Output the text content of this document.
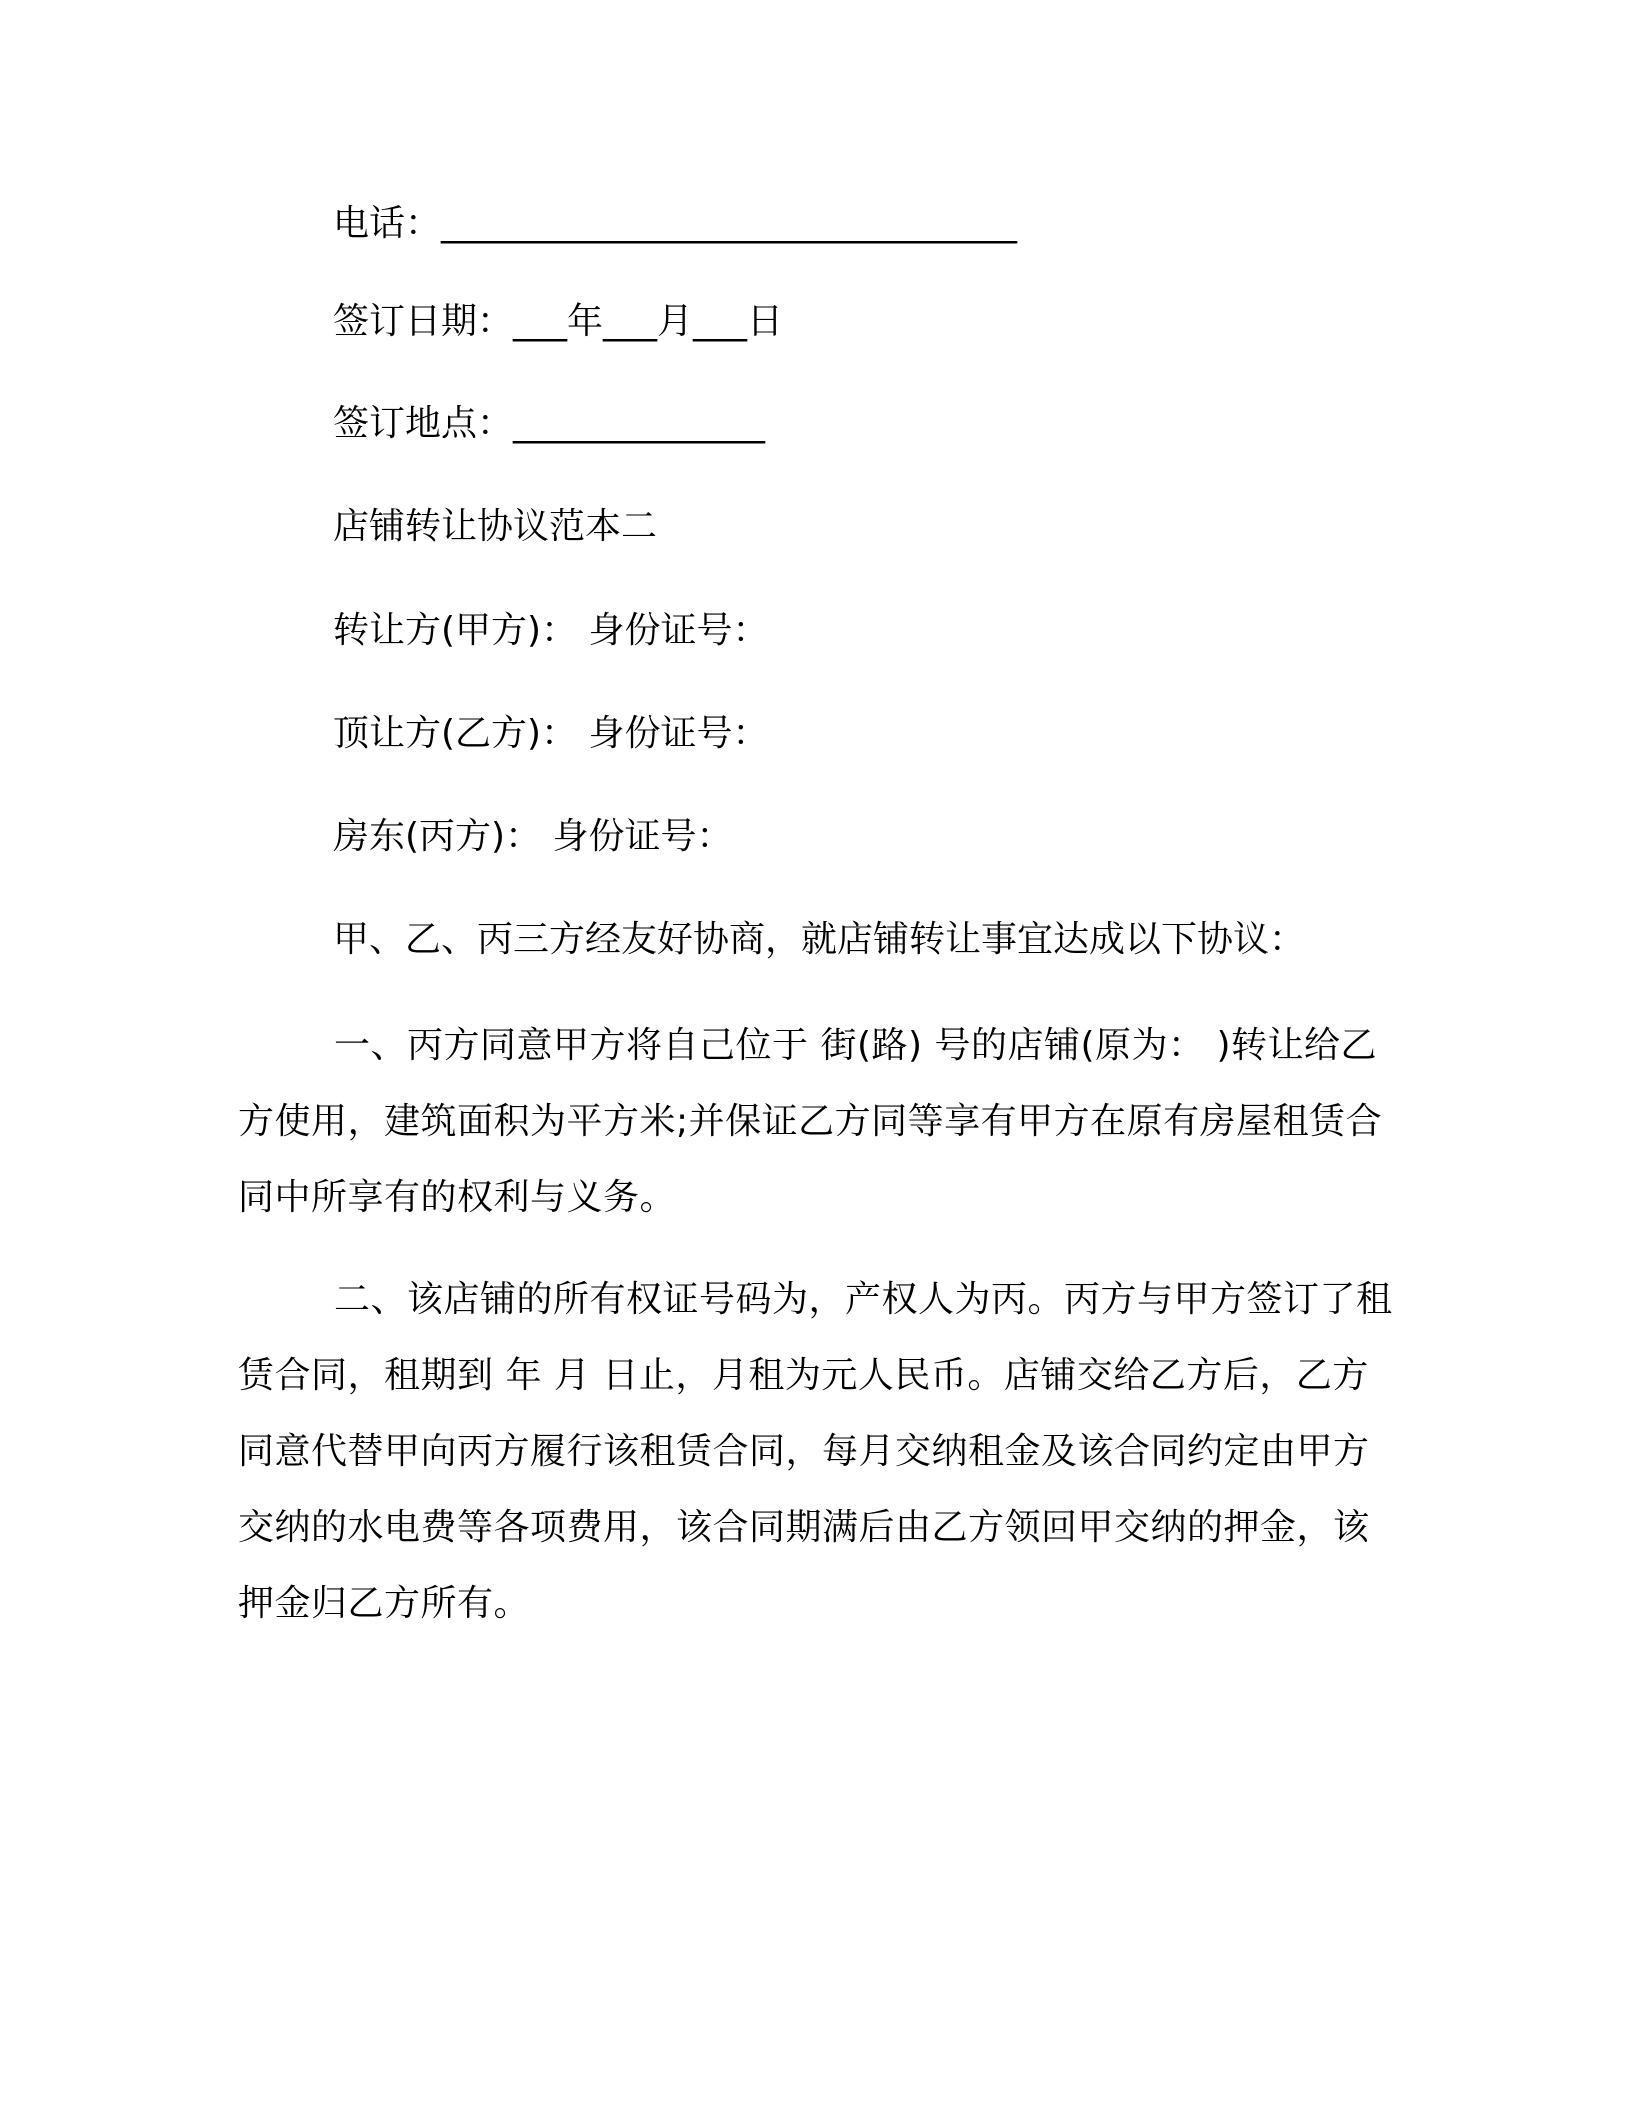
电话：________________________________
签订日期：___年___月___日
签订地点：______________
店铺转让协议范本二
转让方(甲方)： 身份证号：
顶让方(乙方)： 身份证号：
房东(丙方)： 身份证号：
甲、乙、丙三方经友好协商，就店铺转让事宜达成以下协议：
一、丙方同意甲方将自己位于 街(路) 号的店铺(原为： )转让给乙方使用，建筑面积为平方米;并保证乙方同等享有甲方在原有房屋租赁合同中所享有的权利与义务。
二、该店铺的所有权证号码为，产权人为丙。丙方与甲方签订了租赁合同，租期到 年 月 日止，月租为元人民币。店铺交给乙方后，乙方同意代替甲向丙方履行该租赁合同，每月交纳租金及该合同约定由甲方交纳的水电费等各项费用，该合同期满后由乙方领回甲交纳的押金，该押金归乙方所有。
